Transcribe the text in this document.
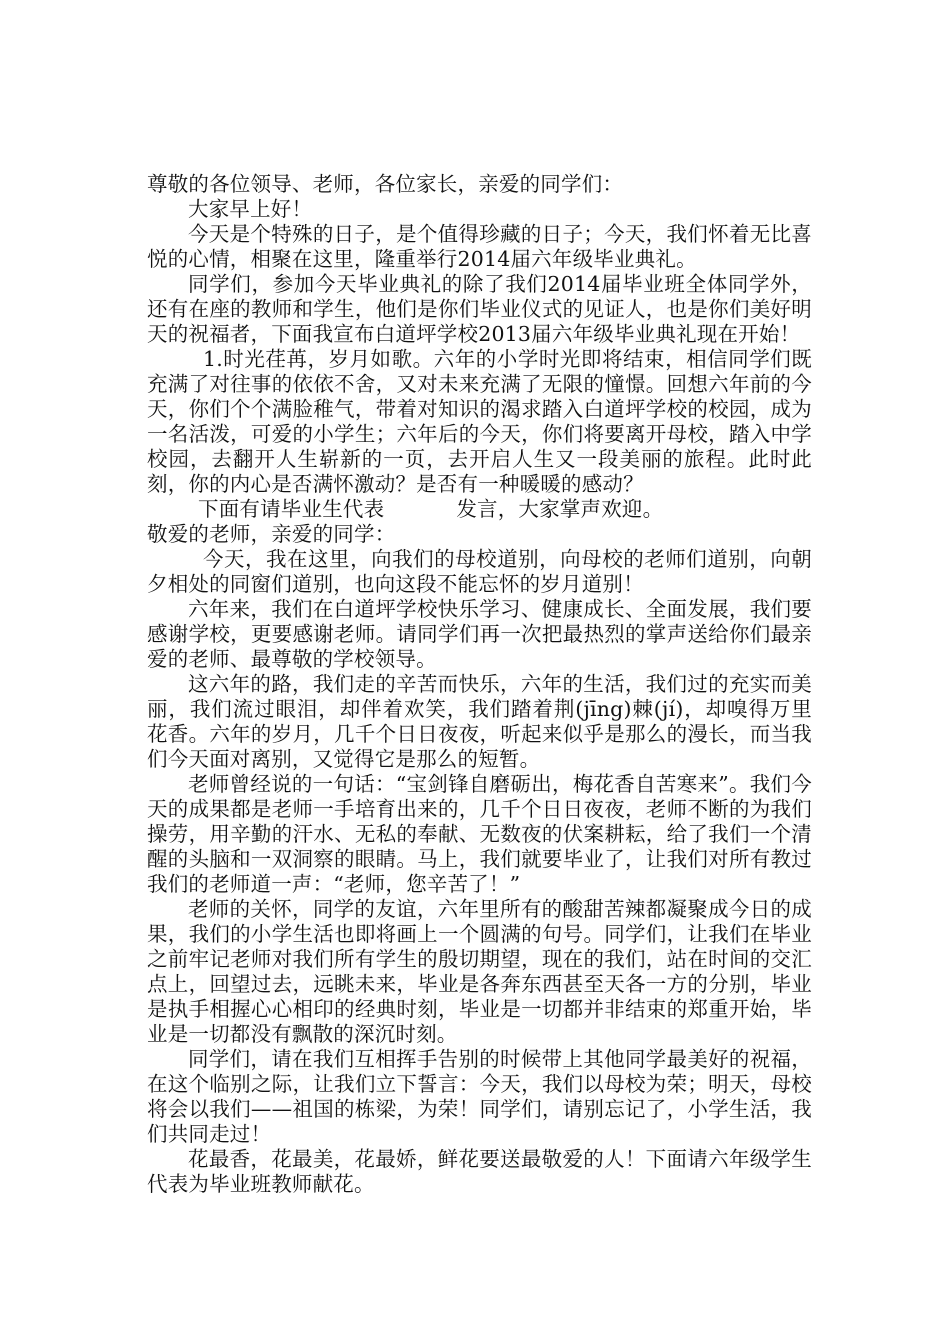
尊敬的各位领导、老师，各位家长，亲爱的同学们：

大家早上好！

今天是个特殊的日子，是个值得珍藏的日子；今天，我们怀着无比喜悦的心情，相聚在这里，隆重举行2014届六年级毕业典礼。

同学们，参加今天毕业典礼的除了我们2014届毕业班全体同学外，还有在座的教师和学生，他们是你们毕业仪式的见证人，也是你们美好明天的祝福者，下面我宣布白道坪学校2013届六年级毕业典礼现在开始！

1.时光荏苒，岁月如歌。六年的小学时光即将结束，相信同学们既充满了对往事的依依不舍，又对未来充满了无限的憧憬。回想六年前的今天，你们个个满脸稚气，带着对知识的渴求踏入白道坪学校的校园，成为一名活泼，可爱的小学生；六年后的今天，你们将要离开母校，踏入中学校园，去翻开人生崭新的一页，去开启人生又一段美丽的旅程。此时此刻，你的内心是否满怀激动？是否有一种暖暖的感动？

下面有请毕业生代表	发言，大家掌声欢迎。

敬爱的老师，亲爱的同学：

今天，我在这里，向我们的母校道别，向母校的老师们道别，向朝夕相处的同窗们道别，也向这段不能忘怀的岁月道别！

六年来，我们在白道坪学校快乐学习、健康成长、全面发展，我们要感谢学校，更要感谢老师。请同学们再一次把最热烈的掌声送给你们最亲爱的老师、最尊敬的学校领导。

这六年的路，我们走的辛苦而快乐，六年的生活，我们过的充实而美丽，我们流过眼泪，却伴着欢笑，我们踏着荆(jīng)棘(jí)，却嗅得万里花香。六年的岁月，几千个日日夜夜，听起来似乎是那么的漫长，而当我们今天面对离别，又觉得它是那么的短暂。

老师曾经说的一句话：“宝剑锋自磨砺出，梅花香自苦寒来”。我们今天的成果都是老师一手培育出来的，几千个日日夜夜，老师不断的为我们操劳，用辛勤的汗水、无私的奉献、无数夜的伏案耕耘，给了我们一个清醒的头脑和一双洞察的眼睛。马上，我们就要毕业了，让我们对所有教过我们的老师道一声：“老师，您辛苦了！”

老师的关怀，同学的友谊，六年里所有的酸甜苦辣都凝聚成今日的成果，我们的小学生活也即将画上一个圆满的句号。同学们，让我们在毕业之前牢记老师对我们所有学生的殷切期望，现在的我们，站在时间的交汇点上，回望过去，远眺未来，毕业是各奔东西甚至天各一方的分别，毕业是执手相握心心相印的经典时刻，毕业是一切都并非结束的郑重开始，毕业是一切都没有飘散的深沉时刻。

同学们，请在我们互相挥手告别的时候带上其他同学最美好的祝福，在这个临别之际，让我们立下誓言：今天，我们以母校为荣；明天，母校将会以我们——祖国的栋梁，为荣！同学们，请别忘记了，小学生活，我们共同走过！

花最香，花最美，花最娇，鲜花要送最敬爱的人！下面请六年级学生代表为毕业班教师献花。
